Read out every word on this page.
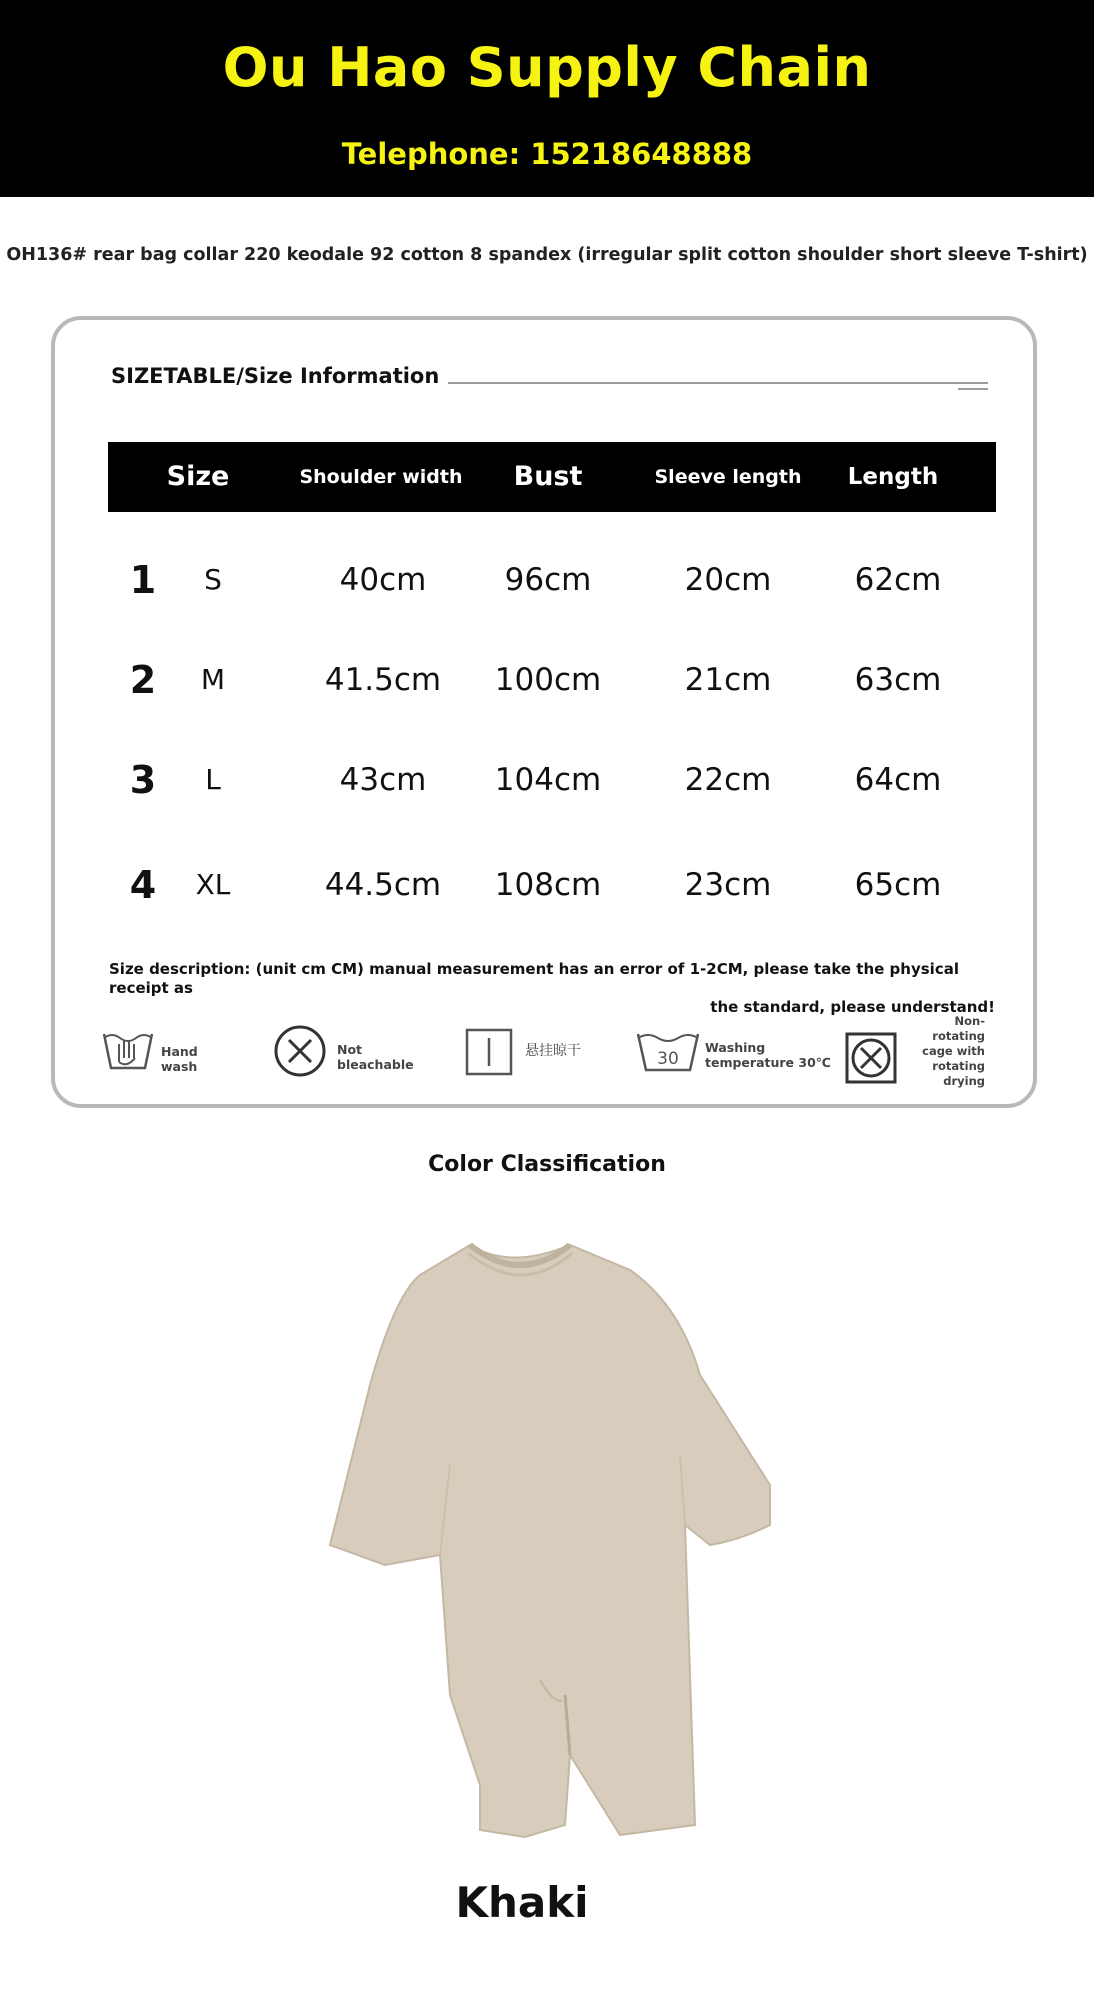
Ou Hao Supply Chain
Telephone: 15218648888
OH136# rear bag collar 220 keodale 92 cotton 8 spandex (irregular split cotton shoulder short sleeve T-shirt)
SIZETABLE/Size Information
Size	Shoulder width	Bust	Sleeve length	Length
1	S	40cm	96cm	20cm	62cm
2	M	41.5cm	100cm	21cm	63cm
3	L	43cm	104cm	22cm	64cm
4	XL	44.5cm	108cm	23cm	65cm
Size description: (unit cm CM) manual measurement has an error of 1-2CM, please take the physical receipt as
the standard, please understand!
Hand
wash
Not
bleachable
悬挂晾干	30
Washing
temperature 30℃
Non-
rotating
cage with
rotating
drying
Color Classification
Khaki
